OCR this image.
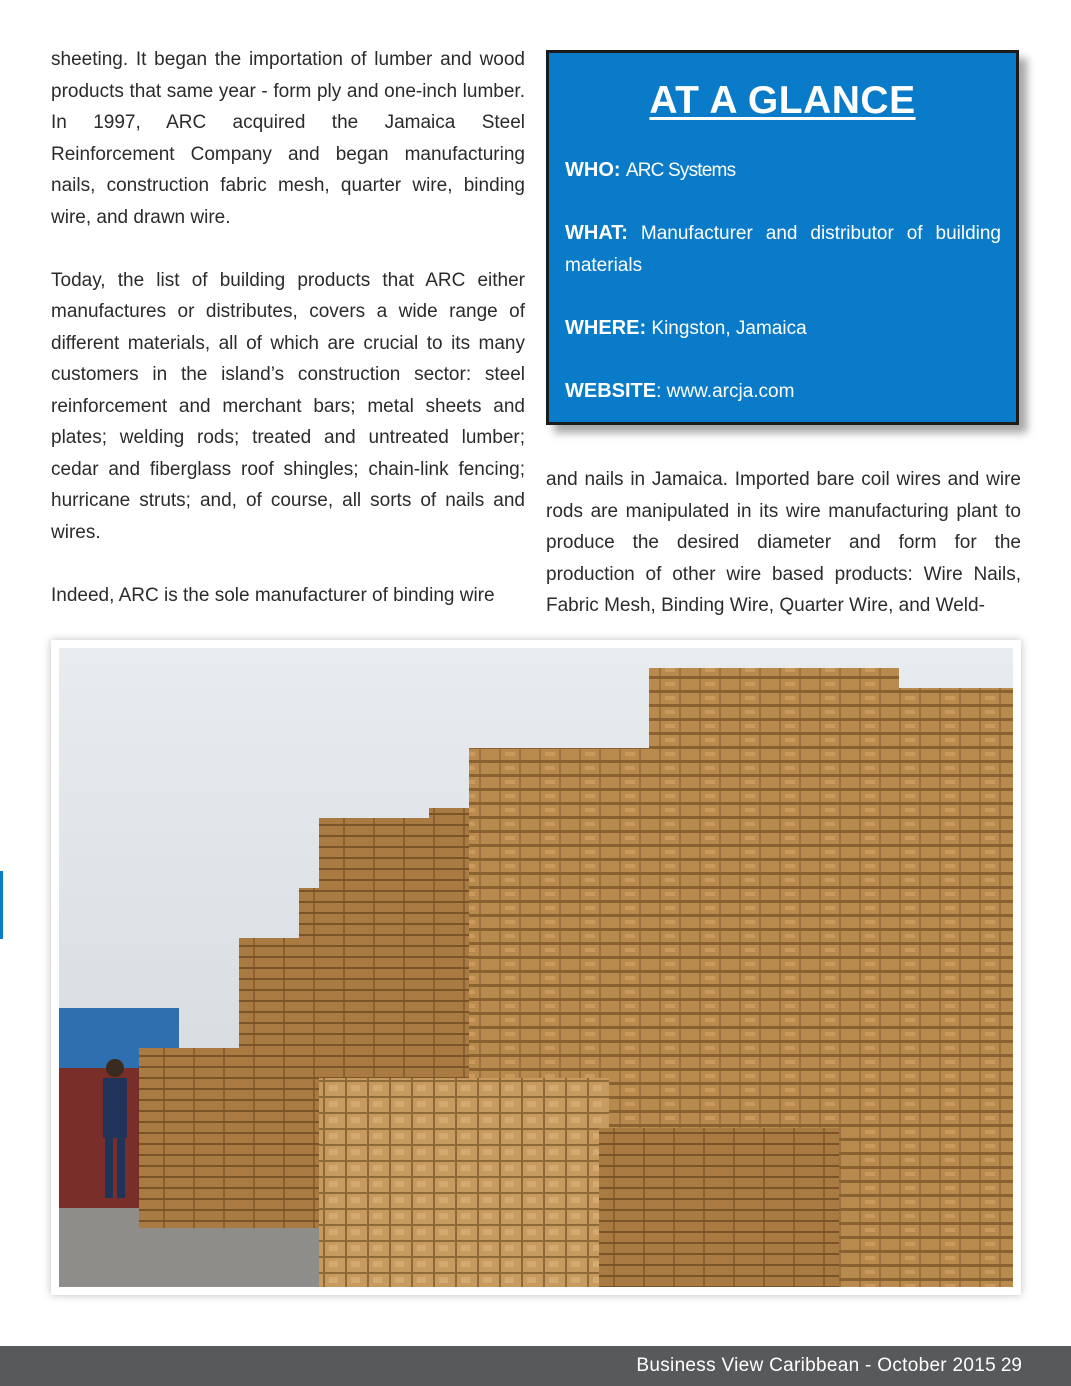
sheeting. It began the importation of lumber and wood products that same year - form ply and one-inch lumber. In 1997, ARC acquired the Jamaica Steel Reinforcement Company and began manufacturing nails, construction fabric mesh, quarter wire, binding wire, and drawn wire.

Today, the list of building products that ARC either manufactures or distributes, covers a wide range of different materials, all of which are crucial to its many customers in the island’s construction sector: steel reinforcement and merchant bars; metal sheets and plates; welding rods; treated and untreated lumber; cedar and fiberglass roof shingles; chain-link fencing; hurricane struts; and, of course, all sorts of nails and wires.

Indeed, ARC is the sole manufacturer of binding wire

AT A GLANCE
WHO: ARC Systems
WHAT: Manufacturer and distributor of building materials
WHERE: Kingston, Jamaica
WEBSITE: www.arcja.com

and nails in Jamaica. Imported bare coil wires and wire rods are manipulated in its wire manufacturing plant to produce the desired diameter and form for the production of other wire based products: Wire Nails, Fabric Mesh, Binding Wire, Quarter Wire, and Weld-

Business View Caribbean - October 2015 29
